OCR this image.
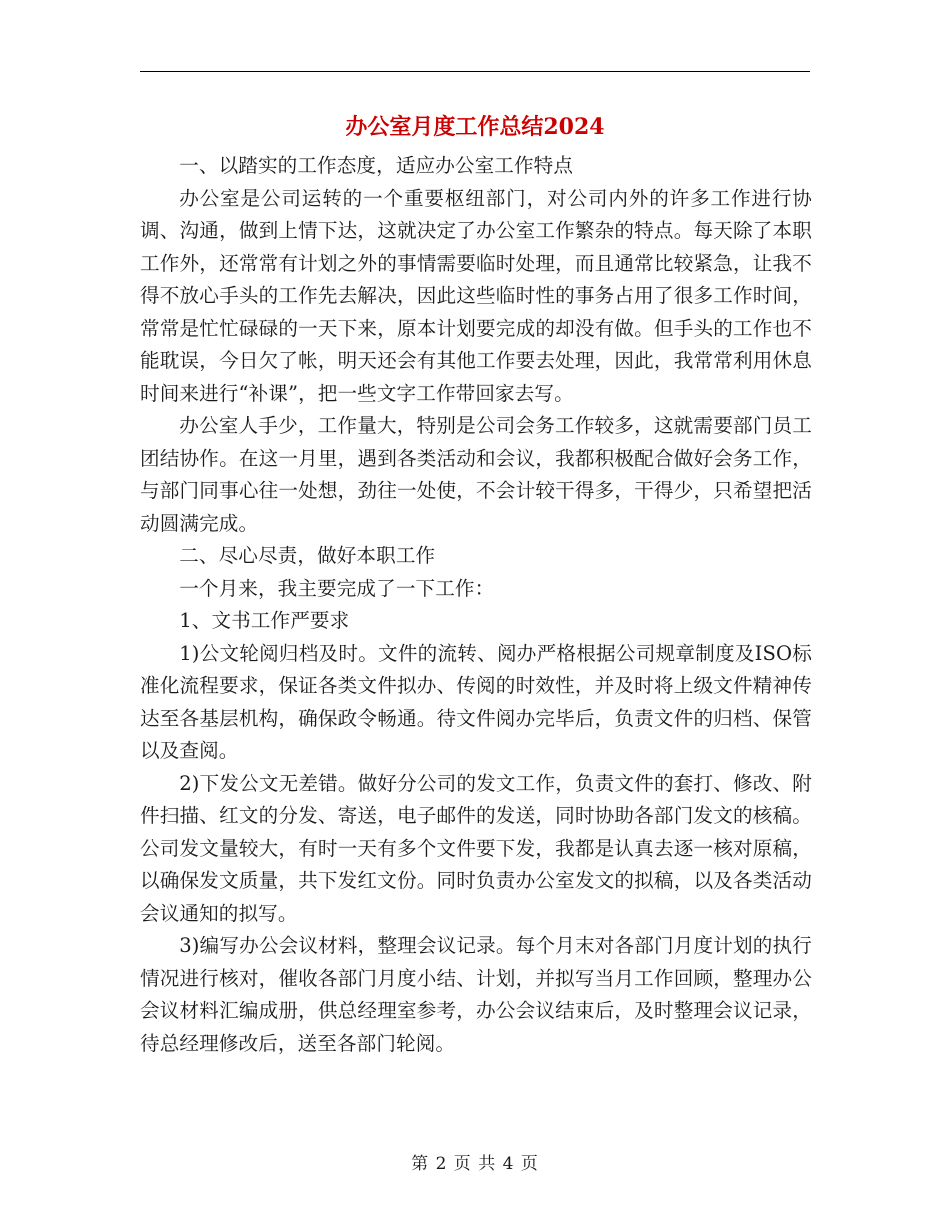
办公室月度工作总结2024

一、以踏实的工作态度，适应办公室工作特点

办公室是公司运转的一个重要枢纽部门，对公司内外的许多工作进行协调、沟通，做到上情下达，这就决定了办公室工作繁杂的特点。每天除了本职工作外，还常常有计划之外的事情需要临时处理，而且通常比较紧急，让我不得不放心手头的工作先去解决，因此这些临时性的事务占用了很多工作时间，常常是忙忙碌碌的一天下来，原本计划要完成的却没有做。但手头的工作也不能耽误，今日欠了帐，明天还会有其他工作要去处理，因此，我常常利用休息时间来进行“补课”，把一些文字工作带回家去写。

办公室人手少，工作量大，特别是公司会务工作较多，这就需要部门员工团结协作。在这一月里，遇到各类活动和会议，我都积极配合做好会务工作，与部门同事心往一处想，劲往一处使，不会计较干得多，干得少，只希望把活动圆满完成。

二、尽心尽责，做好本职工作

一个月来，我主要完成了一下工作：

1、文书工作严要求

1)公文轮阅归档及时。文件的流转、阅办严格根据公司规章制度及ISO标准化流程要求，保证各类文件拟办、传阅的时效性，并及时将上级文件精神传达至各基层机构，确保政令畅通。待文件阅办完毕后，负责文件的归档、保管以及查阅。

2)下发公文无差错。做好分公司的发文工作，负责文件的套打、修改、附件扫描、红文的分发、寄送，电子邮件的发送，同时协助各部门发文的核稿。公司发文量较大，有时一天有多个文件要下发，我都是认真去逐一核对原稿，以确保发文质量，共下发红文份。同时负责办公室发文的拟稿，以及各类活动会议通知的拟写。

3)编写办公会议材料，整理会议记录。每个月末对各部门月度计划的执行情况进行核对，催收各部门月度小结、计划，并拟写当月工作回顾，整理办公会议材料汇编成册，供总经理室参考，办公会议结束后，及时整理会议记录，待总经理修改后，送至各部门轮阅。

第 2 页 共 4 页
